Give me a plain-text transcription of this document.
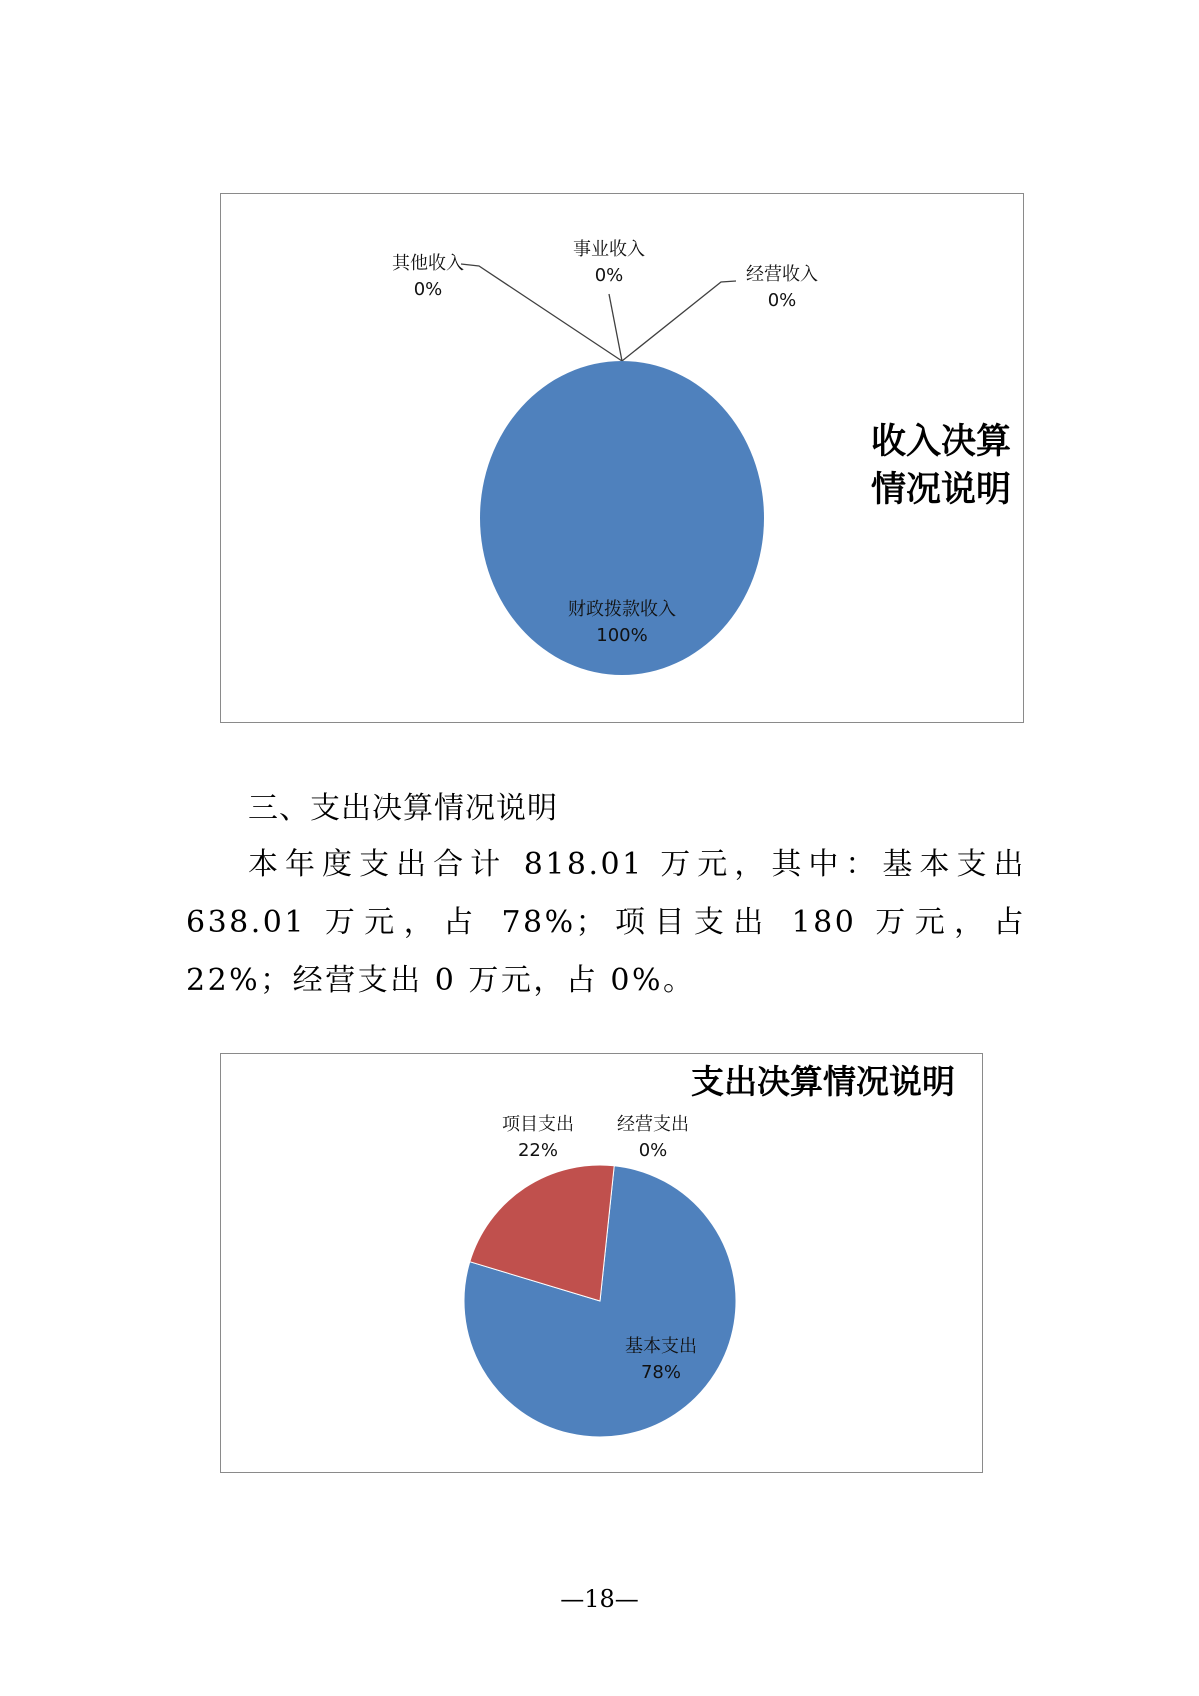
其他收入
0%
事业收入
0%	经营收入
0%
财政拨款收入
100%
收入决算
情况说明
三、支出决算情况说明
本年度支出合计 818.01 万元，其中：基本支出 638.01 万元，占 78%；项目支出 180 万元，占 22%；经营支出 0 万元，占 0%。
支出决算情况说明
项目支出
22%
经营支出
0%
基本支出
78%
—18—
